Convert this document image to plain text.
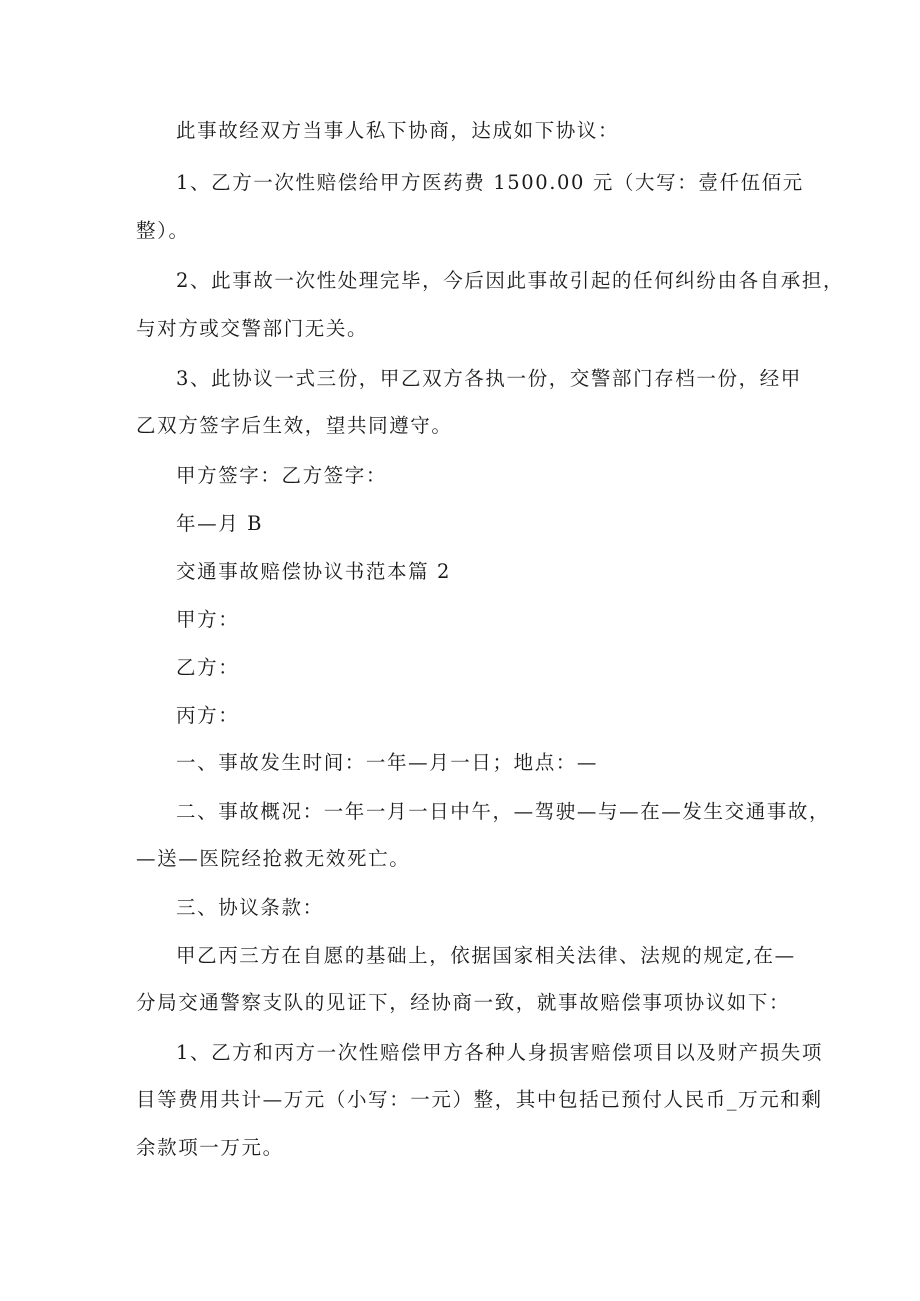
此事故经双方当事人私下协商，达成如下协议：
1、乙方一次性赔偿给甲方医药费 1500.00 元（大写：壹仟伍佰元
整）。
2、此事故一次性处理完毕，今后因此事故引起的任何纠纷由各自承担，
与对方或交警部门无关。
3、此协议一式三份，甲乙双方各执一份，交警部门存档一份，经甲
乙双方签字后生效，望共同遵守。
甲方签字：乙方签字：
年—月 B
交通事故赔偿协议书范本篇 2
甲方：
乙方：
丙方：
一、事故发生时间：一年—月一日；地点：—
二、事故概况：一年一月一日中午，—驾驶—与—在—发生交通事故，
—送—医院经抢救无效死亡。
三、协议条款：
甲乙丙三方在自愿的基础上，依据国家相关法律、法规的规定,在—
分局交通警察支队的见证下，经协商一致，就事故赔偿事项协议如下：
1、乙方和丙方一次性赔偿甲方各种人身损害赔偿项目以及财产损失项
目等费用共计—万元（小写：一元）整，其中包括已预付人民币_万元和剩
余款项一万元。
